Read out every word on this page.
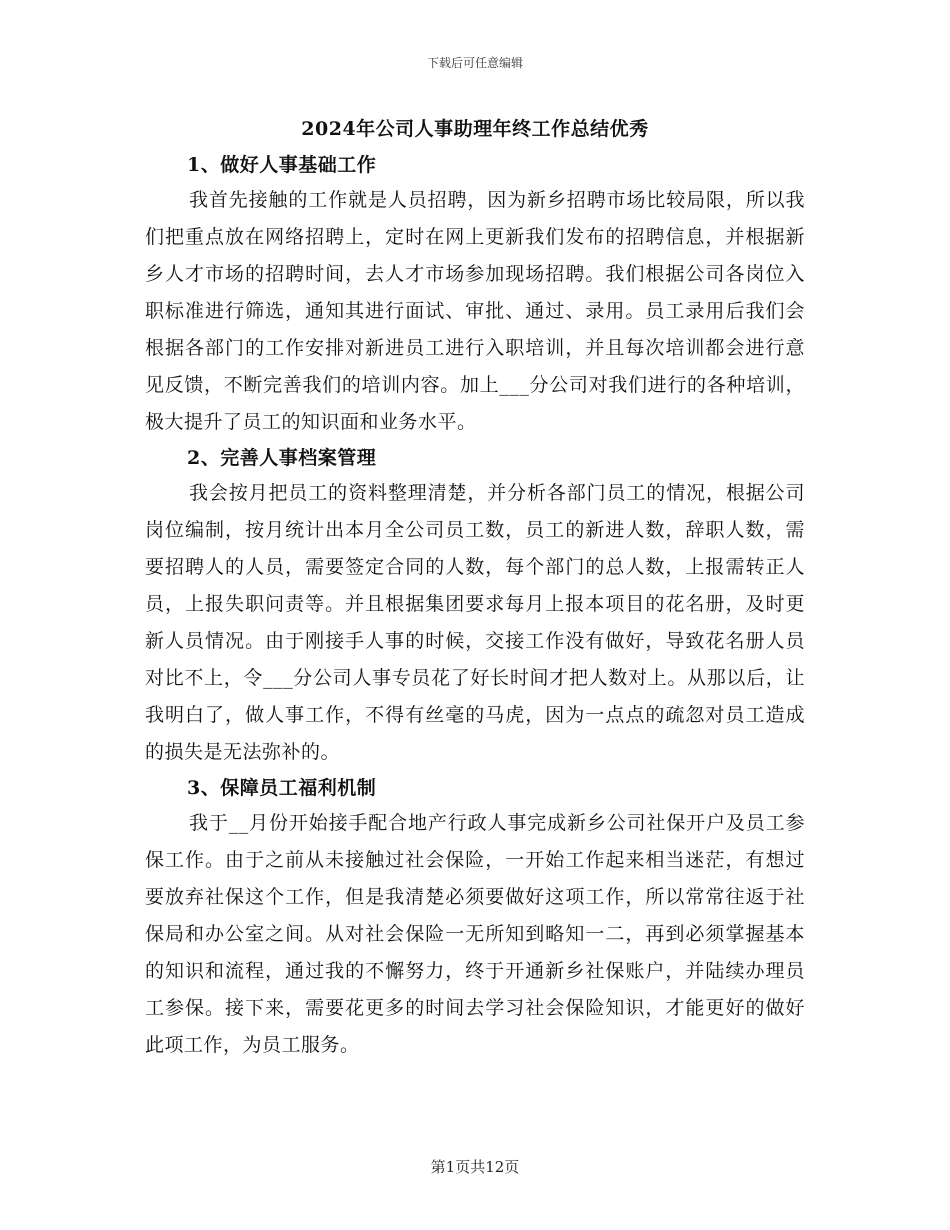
下载后可任意编辑
2024年公司人事助理年终工作总结优秀
1、做好人事基础工作

我首先接触的工作就是人员招聘，因为新乡招聘市场比较局限，所以我们把重点放在网络招聘上，定时在网上更新我们发布的招聘信息，并根据新乡人才市场的招聘时间，去人才市场参加现场招聘。我们根据公司各岗位入职标准进行筛选，通知其进行面试、审批、通过、录用。员工录用后我们会根据各部门的工作安排对新进员工进行入职培训，并且每次培训都会进行意见反馈，不断完善我们的培训内容。加上___分公司对我们进行的各种培训，极大提升了员工的知识面和业务水平。

2、完善人事档案管理

我会按月把员工的资料整理清楚，并分析各部门员工的情况，根据公司岗位编制，按月统计出本月全公司员工数，员工的新进人数，辞职人数，需要招聘人的人员，需要签定合同的人数，每个部门的总人数，上报需转正人员，上报失职问责等。并且根据集团要求每月上报本项目的花名册，及时更新人员情况。由于刚接手人事的时候，交接工作没有做好，导致花名册人员对比不上，令___分公司人事专员花了好长时间才把人数对上。从那以后，让我明白了，做人事工作，不得有丝毫的马虎，因为一点点的疏忽对员工造成的损失是无法弥补的。

3、保障员工福利机制

我于__月份开始接手配合地产行政人事完成新乡公司社保开户及员工参保工作。由于之前从未接触过社会保险，一开始工作起来相当迷茫，有想过要放弃社保这个工作，但是我清楚必须要做好这项工作，所以常常往返于社保局和办公室之间。从对社会保险一无所知到略知一二，再到必须掌握基本的知识和流程，通过我的不懈努力，终于开通新乡社保账户，并陆续办理员工参保。接下来，需要花更多的时间去学习社会保险知识，才能更好的做好此项工作，为员工服务。

第1页共12页
